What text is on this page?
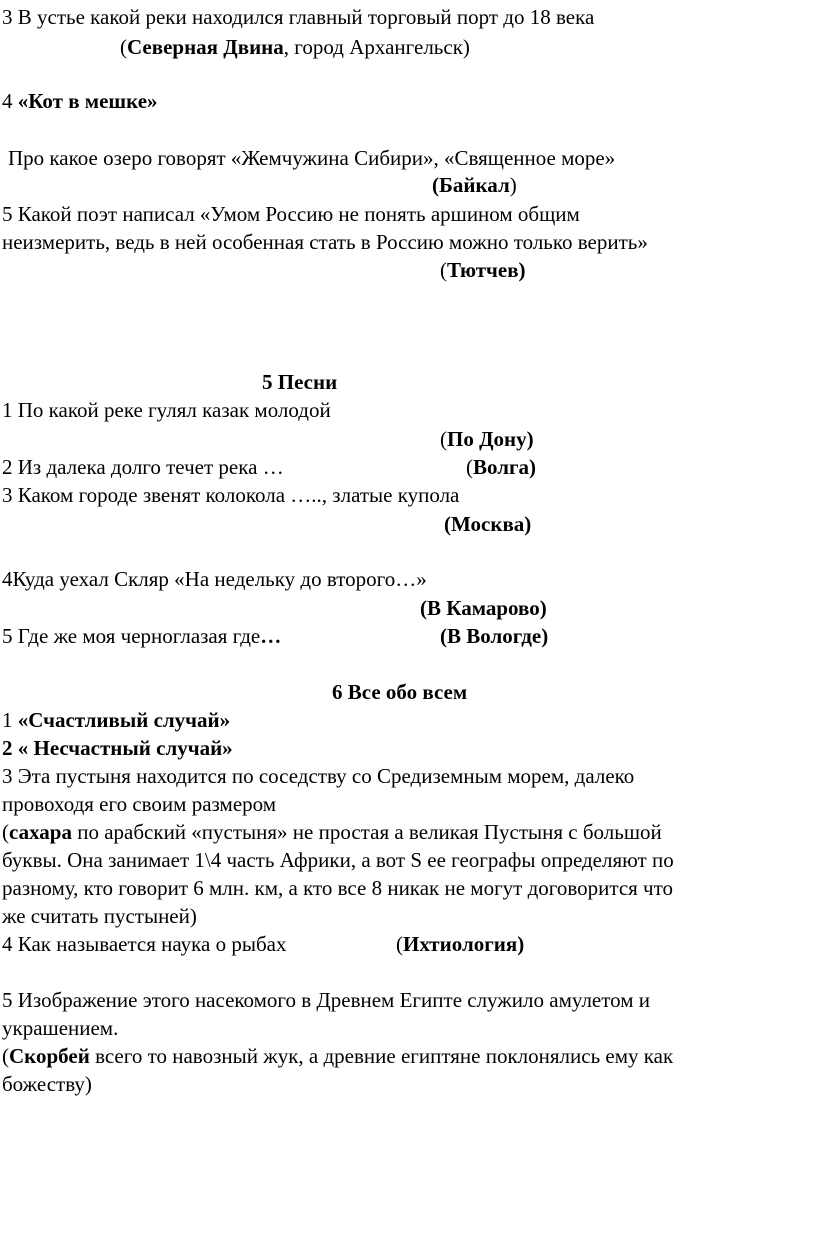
3 В устье какой реки находился главный торговый порт до 18 века

(Северная Двина, город Архангельск)

4 «Кот в мешке»

Про какое озеро говорят «Жемчужина Сибири», «Священное море»

(Байкал)

5 Какой поэт написал «Умом Россию не понять аршином общим

неизмерить, ведь в ней особенная стать в Россию можно только верить»

(Тютчев)

5 Песни

1 По какой реке гулял казак молодой

(По Дону)

2 Из далека долго течет река …	(Волга)

3 Каком городе звенят колокола ….., златые купола

(Москва)

4Куда уехал Скляр «На недельку до второго…»

(В Камарово)

5 Где же моя черноглазая где…	(В Вологде)

6 Все обо всем

1 «Счастливый случай»

2 « Несчастный случай»

3 Эта пустыня находится по соседству со Средиземным морем, далеко

провоходя его своим размером

(сахара по арабский «пустыня» не простая а великая Пустыня с большой

буквы. Она занимает 1\4 часть Африки, а вот S ее географы определяют по

разному, кто говорит 6 млн. км, а кто все 8 никак не могут договорится что

же считать пустыней)

4 Как называется наука о рыбах	(Ихтиология)

5 Изображение этого насекомого в Древнем Египте служило амулетом и

украшением.

(Скорбей всего то навозный жук, а древние египтяне поклонялись ему как

божеству)
